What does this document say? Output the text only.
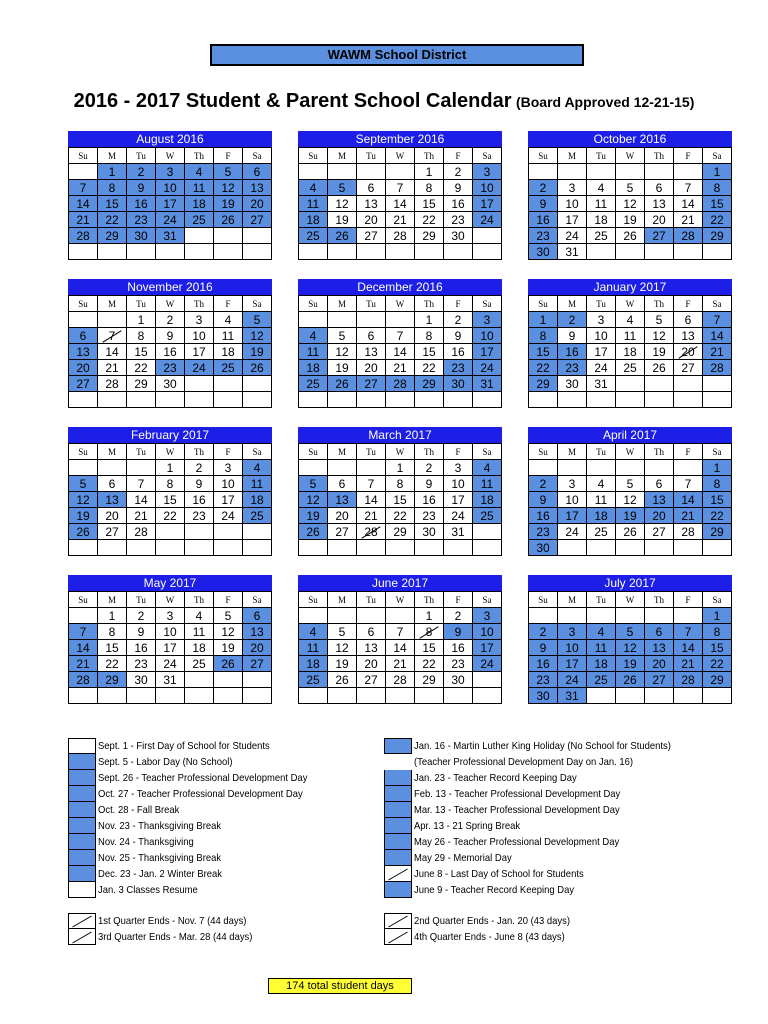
WAWM School District
2016 - 2017 Student & Parent School Calendar (Board Approved 12-21-15)
August 2016
Su	M	Tu	W	Th	F	Sa
	1	2	3	4	5	6
7	8	9	10	11	12	13
14	15	16	17	18	19	20
21	22	23	24	25	26	27
28	29	30	31			

September 2016
Su	M	Tu	W	Th	F	Sa
				1	2	3
4	5	6	7	8	9	10
11	12	13	14	15	16	17
18	19	20	21	22	23	24
25	26	27	28	29	30	

October 2016
Su	M	Tu	W	Th	F	Sa
						1
2	3	4	5	6	7	8
9	10	11	12	13	14	15
16	17	18	19	20	21	22
23	24	25	26	27	28	29
30	31					
November 2016
Su	M	Tu	W	Th	F	Sa
		1	2	3	4	5
6	7	8	9	10	11	12
13	14	15	16	17	18	19
20	21	22	23	24	25	26
27	28	29	30			

December 2016
Su	M	Tu	W	Th	F	Sa
				1	2	3
4	5	6	7	8	9	10
11	12	13	14	15	16	17
18	19	20	21	22	23	24
25	26	27	28	29	30	31

January 2017
Su	M	Tu	W	Th	F	Sa
1	2	3	4	5	6	7
8	9	10	11	12	13	14
15	16	17	18	19	20	21
22	23	24	25	26	27	28
29	30	31				

February 2017
Su	M	Tu	W	Th	F	Sa
			1	2	3	4
5	6	7	8	9	10	11
12	13	14	15	16	17	18
19	20	21	22	23	24	25
26	27	28				

March 2017
Su	M	Tu	W	Th	F	Sa
			1	2	3	4
5	6	7	8	9	10	11
12	13	14	15	16	17	18
19	20	21	22	23	24	25
26	27	28	29	30	31	

April 2017
Su	M	Tu	W	Th	F	Sa
						1
2	3	4	5	6	7	8
9	10	11	12	13	14	15
16	17	18	19	20	21	22
23	24	25	26	27	28	29
30						
May 2017
Su	M	Tu	W	Th	F	Sa
	1	2	3	4	5	6
7	8	9	10	11	12	13
14	15	16	17	18	19	20
21	22	23	24	25	26	27
28	29	30	31			

June 2017
Su	M	Tu	W	Th	F	Sa
				1	2	3
4	5	6	7	8	9	10
11	12	13	14	15	16	17
18	19	20	21	22	23	24
25	26	27	28	29	30	

July 2017
Su	M	Tu	W	Th	F	Sa
						1
2	3	4	5	6	7	8
9	10	11	12	13	14	15
16	17	18	19	20	21	22
23	24	25	26	27	28	29
30	31					
Sept. 1 - First Day of School for Students
Sept. 5 - Labor Day (No School)
Sept. 26 - Teacher Professional Development Day
Oct. 27 - Teacher Professional Development Day
Oct. 28 - Fall Break
Nov. 23 - Thanksgiving Break
Nov. 24 - Thanksgiving
Nov. 25 - Thanksgiving Break
Dec. 23 - Jan. 2 Winter Break
Jan. 3 Classes Resume
Jan. 16 - Martin Luther King Holiday (No School for Students)
(Teacher Professional Development Day on Jan. 16)
Jan. 23 - Teacher Record Keeping Day
Feb. 13 - Teacher Professional Development Day
Mar. 13 - Teacher Professional Development Day
Apr. 13 - 21 Spring Break
May 26 - Teacher Professional Development Day
May 29 - Memorial Day
June 8 - Last Day of School for Students
June 9 - Teacher Record Keeping Day
1st Quarter Ends - Nov. 7 (44 days)
3rd Quarter Ends - Mar. 28 (44 days)
2nd Quarter Ends - Jan. 20 (43 days)
4th Quarter Ends - June 8 (43 days)
174 total student days
